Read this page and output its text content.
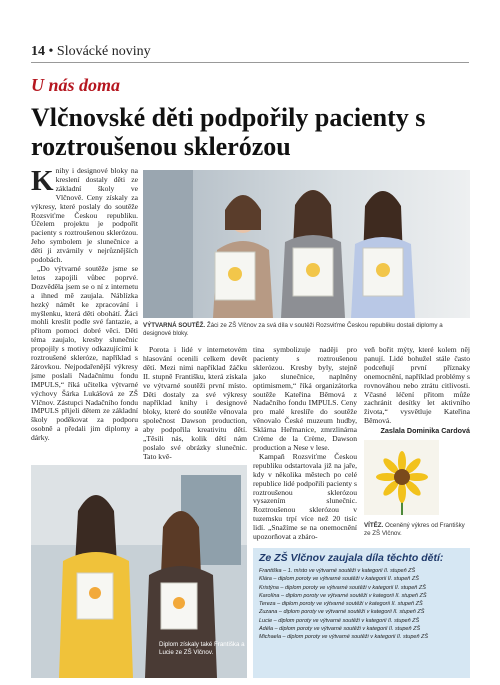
14 • Slovácké noviny
U nás doma
Vlčnovské děti podpořily pacienty s roztroušenou sklerózou

Knihy i designové bloky na kreslení dostaly děti ze základní školy ve Vlčnově. Ceny získaly za výkresy, které poslaly do soutěže Rozsviťme Českou republiku. Účelem projektu je podpořit pacienty s roztroušenou sklerózou. Jeho symbolem je slunečnice a děti ji ztvárnily v nejrůznějších podobách.

„Do výtvarné soutěže jsme se letos zapojili vůbec poprvé. Dozvěděla jsem se o ní z internetu a ihned mě zaujala. Náblízka hezký námět ke zpracování i myšlenku, která děti obohátí. Žáci mohli kreslit podle své fantazie, a přitom pomoci dobré věci. Děti téma zaujalo, kresby slunečnic propojily s motivy odkazujícími k roztroušené skleróze, například s žárovkou. Nejpodařenější výkresy jsme poslali Nadačnímu fondu IMPULS,“ říká učitelka výtvarné výchovy Šárka Lukášová ze ZŠ Vlčnov. Zástupci Nadačního fondu IMPULS přijeli dětem ze základní školy poděkovat za podporu osobně a předali jim diplomy a dárky.

VÝTVARNÁ SOUTĚŽ. Žáci ze ZŠ Vlčnov za svá díla v soutěži Rozsviťme Českou republiku dostali diplomy a designové bloky.

Porota i lidé v internetovém hlasování ocenili celkem devět dětí. Mezi nimi například žáčku II. stupně Františku, která získala ve výtvarné soutěži první místo. Děti dostaly za své výkresy například knihy i designové bloky, které do soutěže věnovala společnost Dawson production, aby podpořila kreativitu dětí. „Těsili nás, kolik dětí nám poslalo své obrázky slunečnic. Tato kvě-

tina symbolizuje naději pro pacienty s roztroušenou sklerózou. Kresby byly, stejně jako slunečnice, naplněny optimismem,“ říká organizátorka soutěže Kateřina Běmová z Nadačního fondu IMPULS. Ceny pro malé kreslíře do soutěže věnovalo České muzeum hudby, Sklárna Heřmanice, zmrzlinárna Crème de la Crème, Dawson production a Nese v lese.

Kampaň Rozsviťme Českou republiku odstartovala již na jaře, kdy v několika městech po celé republice lidé podpořili pacienty s roztroušenou sklerózou vysazením slunečnic. Roztroušenou sklerózou v tuzemsku trpí více než 20 tisíc lidí. „Snažíme se na onemocnění upozorňovat a zbáro-

veň bořit mýty, které kolem něj panují. Lidé bohužel stále často podceňují první příznaky onemocnění, například problémy s rovnováhou nebo ztrátu citlivosti. Včasné léčení přitom může zachránit desítky let aktivního života,“ vysvětluje Kateřina Běmová.

Zaslala Dominika Cardová

Diplom získaly také Františka a Lucie ze ZŠ Vlčnov.
VÍTĚZ. Oceněný výkres od Františky ze ZŠ Vlčnov.
Ze ZŠ Vlčnov zaujala díla těchto dětí:
Františka – 1. místo ve výtvarné soutěži v kategorii II. stupeň ZŠ
Klára – diplom poroty ve výtvarné soutěži v kategorii II. stupeň ZŠ
Kristýna – diplom poroty ve výtvarné soutěži v kategorii II. stupeň ZŠ
Karolína – diplom poroty ve výtvarné soutěži v kategorii II. stupeň ZŠ
Tereza – diplom poroty ve výtvarné soutěži v kategorii II. stupeň ZŠ
Zuzana – diplom poroty ve výtvarné soutěži v kategorii II. stupeň ZŠ
Lucie – diplom poroty ve výtvarné soutěži v kategorii II. stupeň ZŠ
Adéla – diplom poroty ve výtvarné soutěži v kategorii II. stupeň ZŠ
Michaela – diplom poroty ve výtvarné soutěži v kategorii II. stupeň ZŠ
